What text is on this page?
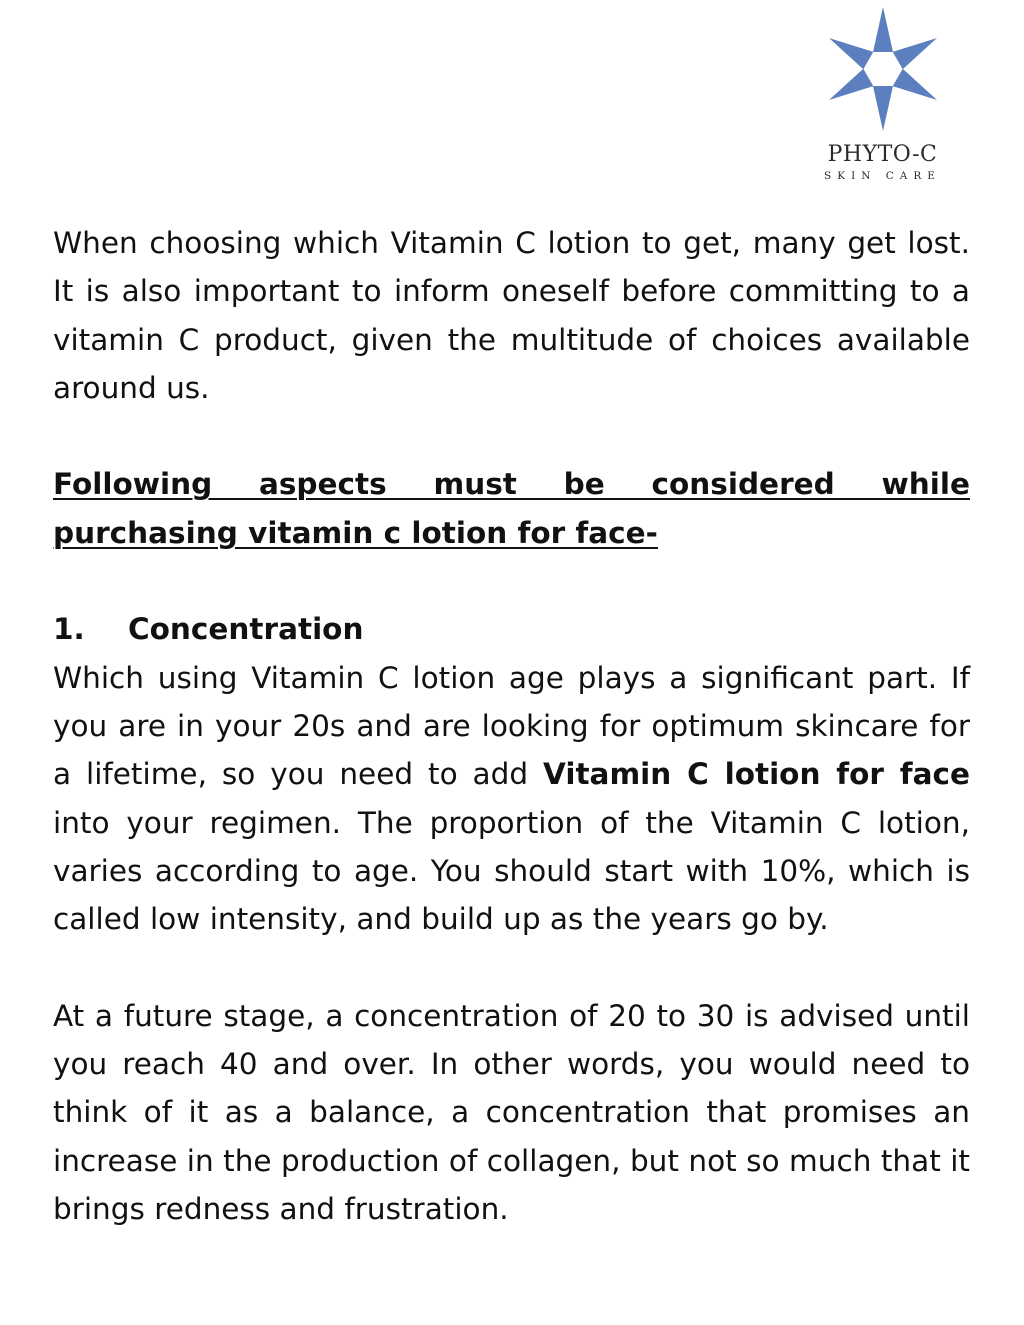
PHYTO-C
SKIN CARE

When choosing which Vitamin C lotion to get, many get lost. It is also important to inform oneself before committing to a vitamin C product, given the multitude of choices available around us.

Following aspects must be considered while purchasing vitamin c lotion for face-

1. Concentration

Which using Vitamin C lotion age plays a significant part. If you are in your 20s and are looking for optimum skincare for a lifetime, so you need to add Vitamin C lotion for face into your regimen. The proportion of the Vitamin C lotion, varies according to age. You should start with 10%, which is called low intensity, and build up as the years go by.

At a future stage, a concentration of 20 to 30 is advised until you reach 40 and over. In other words, you would need to think of it as a balance, a concentration that promises an increase in the production of collagen, but not so much that it brings redness and frustration.
